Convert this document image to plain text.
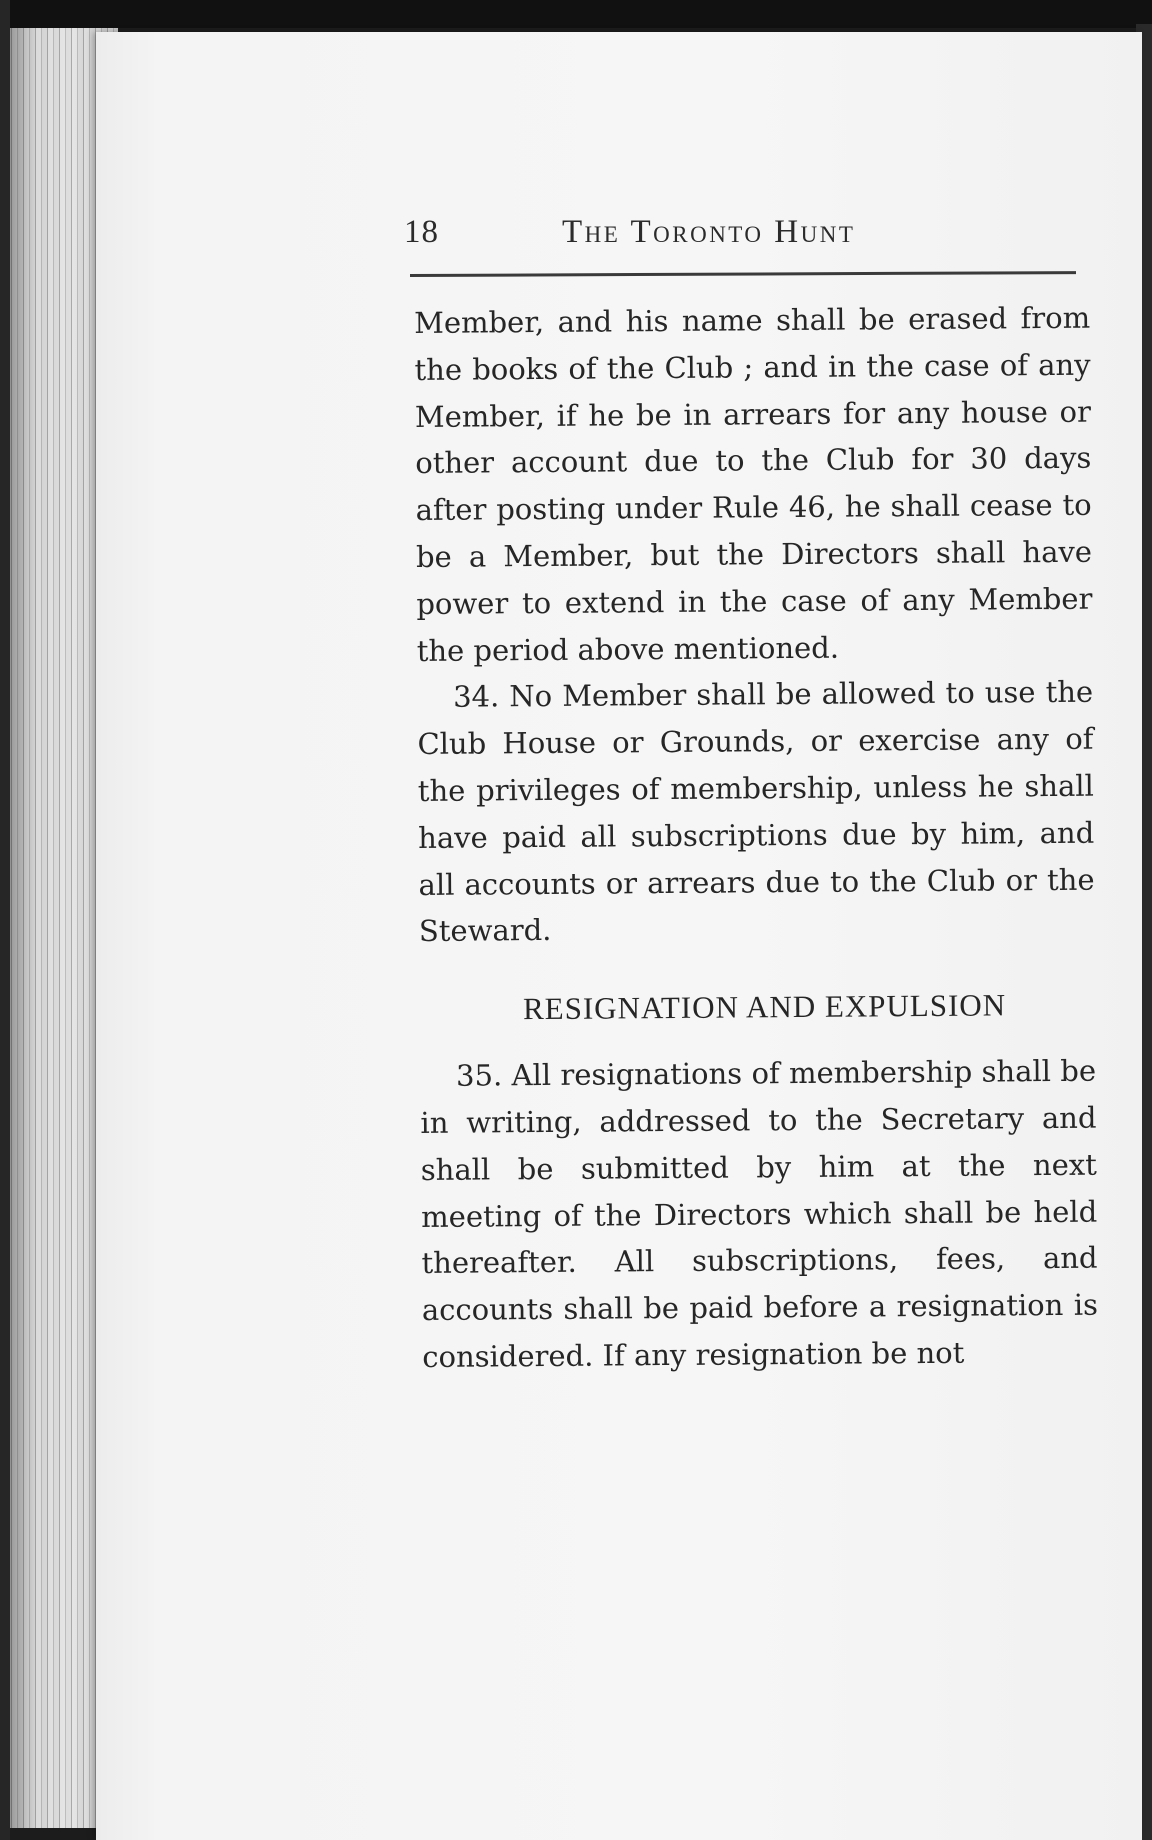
18	The Toronto Hunt

Member, and his name shall be erased from the books of the Club ; and in the case of any Member, if he be in arrears for any house or other account due to the Club for 30 days after posting under Rule 46, he shall cease to be a Member, but the Directors shall have power to extend in the case of any Member the period above mentioned.

34. No Member shall be allowed to use the Club House or Grounds, or exercise any of the privileges of membership, unless he shall have paid all subscriptions due by him, and all accounts or arrears due to the Club or the Steward.

RESIGNATION AND EXPULSION

35. All resignations of membership shall be in writing, addressed to the Secretary and shall be submitted by him at the next meeting of the Directors which shall be held thereafter. All subscriptions, fees, and accounts shall be paid before a resignation is considered. If any resignation be not
